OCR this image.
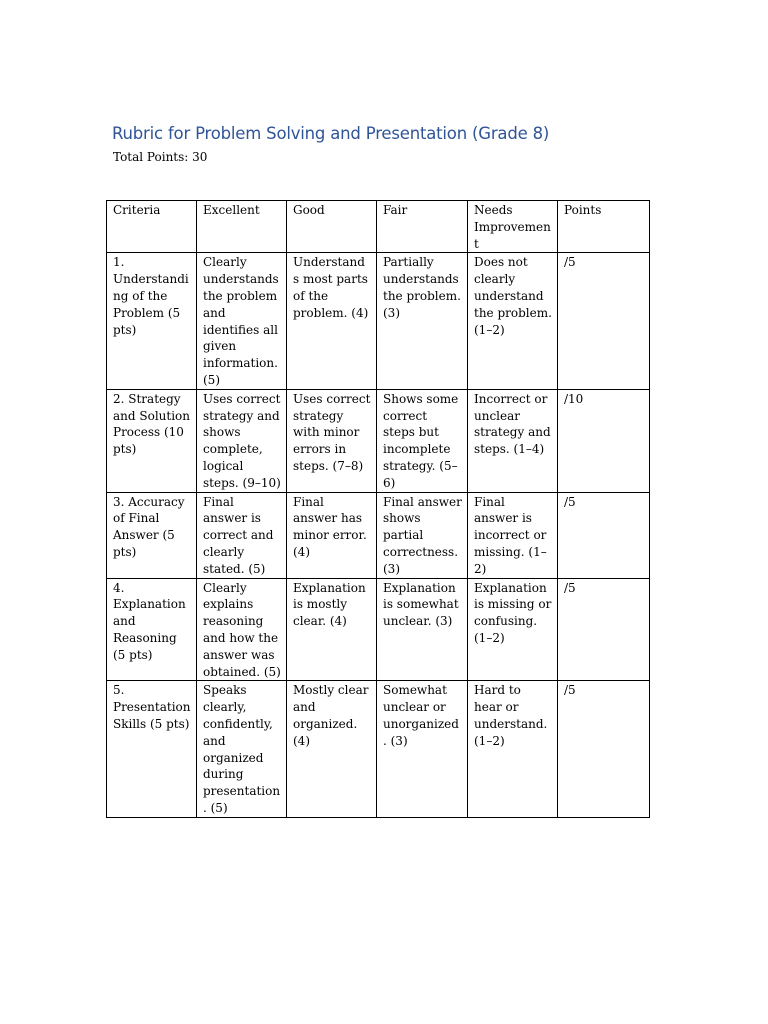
Rubric for Problem Solving and Presentation (Grade 8)

Total Points: 30

Criteria	Excellent	Good	Fair	Needs Improvement	Points
1. Understanding of the Problem (5 pts)	Clearly understands the problem and identifies all given information. (5)	Understands most parts of the problem. (4)	Partially understands the problem. (3)	Does not clearly understand the problem. (1–2)	/5
2. Strategy and Solution Process (10 pts)	Uses correct strategy and shows complete, logical steps. (9–10)	Uses correct strategy with minor errors in steps. (7–8)	Shows some correct steps but incomplete strategy. (5–6)	Incorrect or unclear strategy and steps. (1–4)	/10
3. Accuracy of Final Answer (5 pts)	Final answer is correct and clearly stated. (5)	Final answer has minor error. (4)	Final answer shows partial correctness. (3)	Final answer is incorrect or missing. (1–2)	/5
4. Explanation and Reasoning (5 pts)	Clearly explains reasoning and how the answer was obtained. (5)	Explanation is mostly clear. (4)	Explanation is somewhat unclear. (3)	Explanation is missing or confusing. (1–2)	/5
5. Presentation Skills (5 pts)	Speaks clearly, confidently, and organized during presentation. (5)	Mostly clear and organized. (4)	Somewhat unclear or unorganized. (3)	Hard to hear or understand. (1–2)	/5
